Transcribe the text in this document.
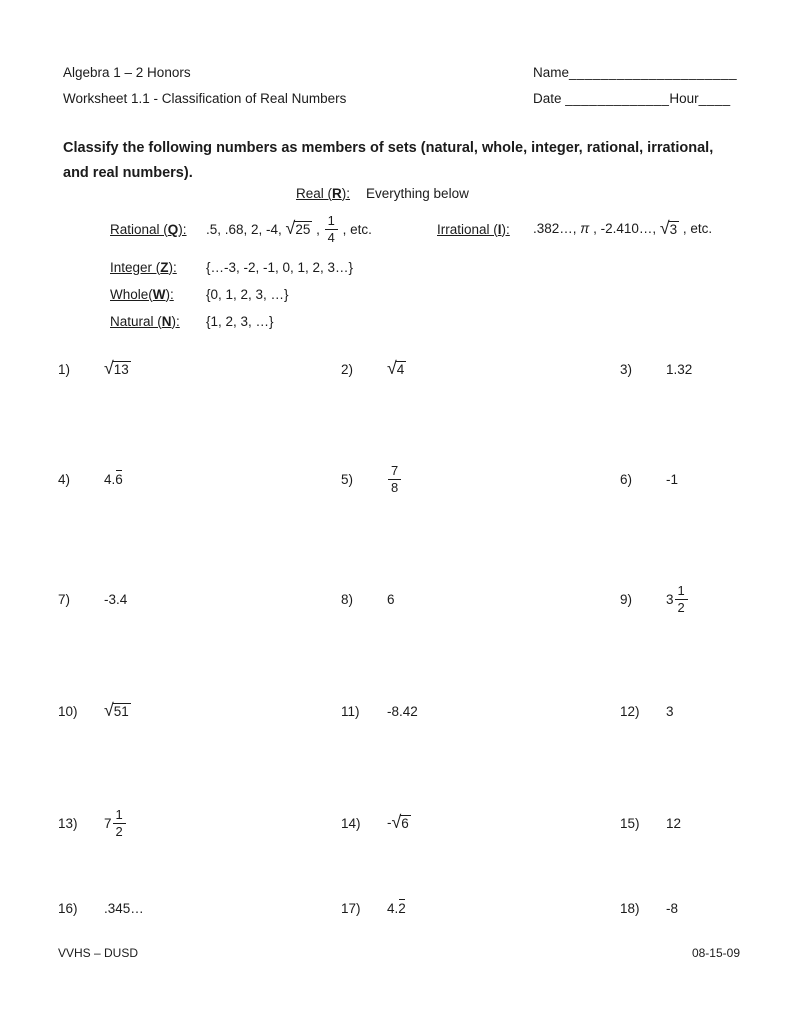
Algebra 1 – 2 Honors
Worksheet 1.1 - Classification of Real Numbers
Name_____________________
Date _____________Hour____
Classify the following numbers as members of sets (natural, whole, integer, rational, irrational,
and real numbers).
Real (R): Everything below
Rational (Q):	.5, .68, 2, -4, √ 25 , $\frac{1}{4}$ , etc.	Irrational (I):	.382…, π , -2.410…, √ 3 , etc.
Integer (Z):	{…-3, -2, -1, 0, 1, 2, 3…}
Whole(W):	{0, 1, 2, 3, …}
Natural (N):	{1, 2, 3, …}
1)	√ 13	2)	√ 4	3)	1.32
4)	4. 6	5)	$\frac{7}{8}$	6)	-1
7)	-3.4	8)	6	9)	$3 \frac{1}{2}$
10)	√ 51	11)	-8.42	12)	3
13)	$7 \frac{1}{2}$	14)	- √ 6	15)	12
16)	.345…	17)	4. 2	18)	-8
VVHS – DUSD	08-15-09
